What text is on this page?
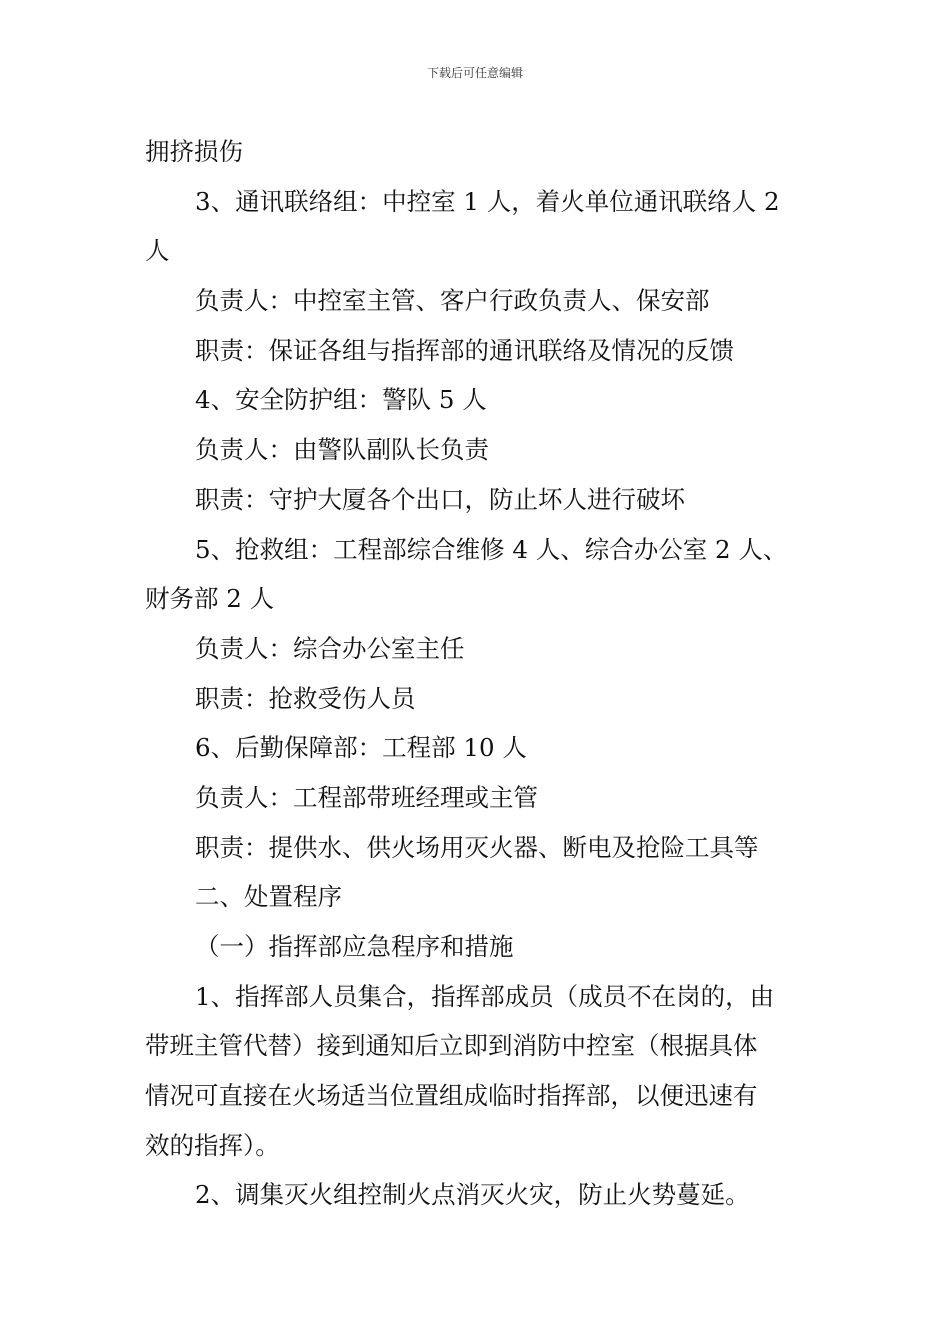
下载后可任意编辑
拥挤损伤
3、通讯联络组：中控室 1 人，着火单位通讯联络人 2
人
负责人：中控室主管、客户行政负责人、保安部
职责：保证各组与指挥部的通讯联络及情况的反馈
4、安全防护组：警队 5 人
负责人：由警队副队长负责
职责：守护大厦各个出口，防止坏人进行破坏
5、抢救组：工程部综合维修 4 人、综合办公室 2 人、
财务部 2 人
负责人：综合办公室主任
职责：抢救受伤人员
6、后勤保障部：工程部 10 人
负责人：工程部带班经理或主管
职责：提供水、供火场用灭火器、断电及抢险工具等
二、处置程序
（一）指挥部应急程序和措施
1、指挥部人员集合，指挥部成员（成员不在岗的，由
带班主管代替）接到通知后立即到消防中控室（根据具体
情况可直接在火场适当位置组成临时指挥部，以便迅速有
效的指挥）。
2、调集灭火组控制火点消灭火灾，防止火势蔓延。
